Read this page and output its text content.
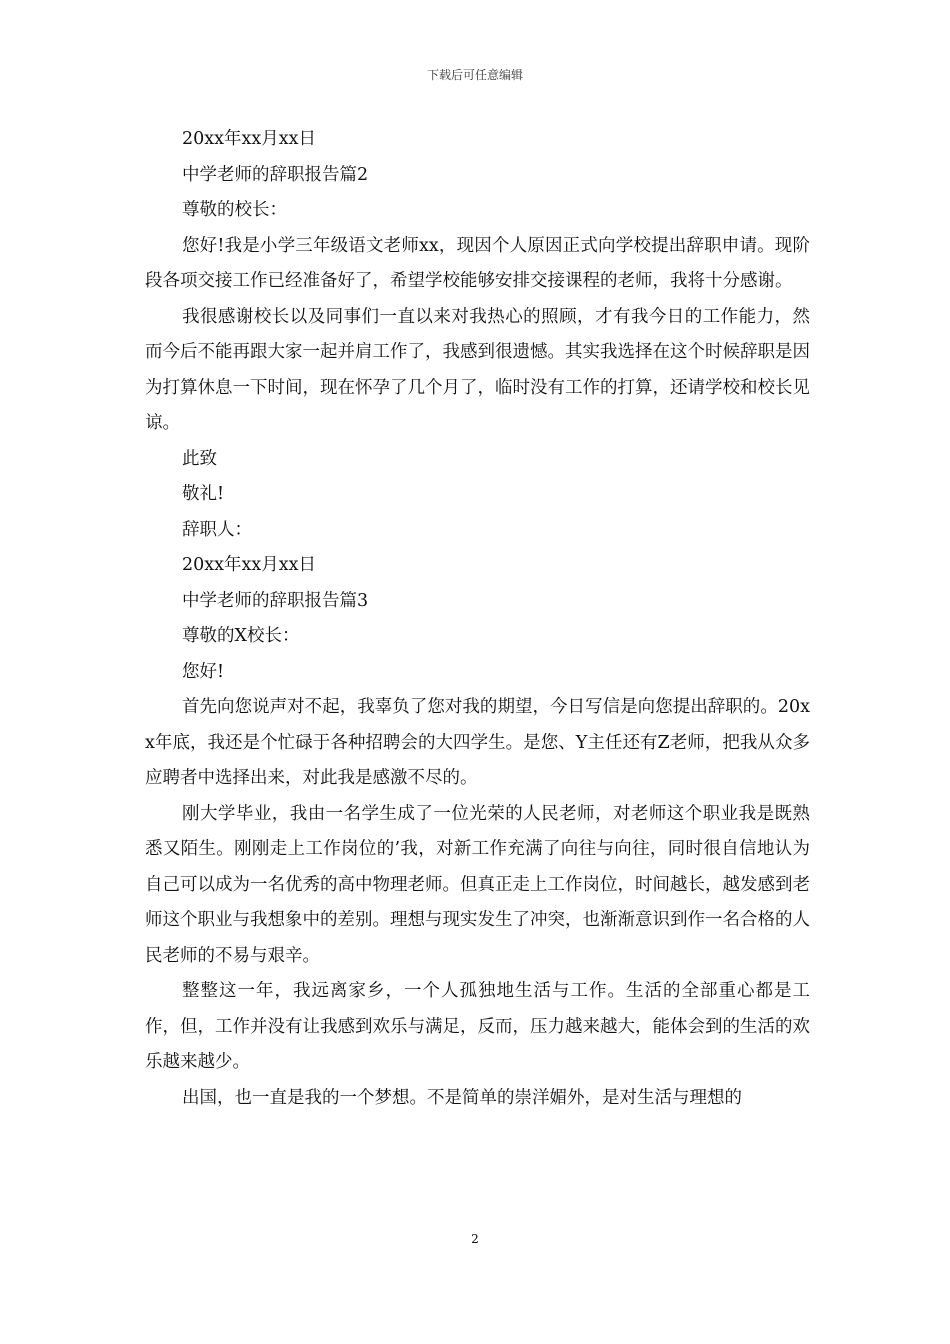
下载后可任意编辑

20xx年xx月xx日

中学老师的辞职报告篇2

尊敬的校长：

您好!我是小学三年级语文老师xx，现因个人原因正式向学校提出辞职申请。现阶段各项交接工作已经准备好了，希望学校能够安排交接课程的老师，我将十分感谢。

我很感谢校长以及同事们一直以来对我热心的照顾，才有我今日的工作能力，然而今后不能再跟大家一起并肩工作了，我感到很遗憾。其实我选择在这个时候辞职是因为打算休息一下时间，现在怀孕了几个月了，临时没有工作的打算，还请学校和校长见谅。

此致

敬礼!

辞职人：

20xx年xx月xx日

中学老师的辞职报告篇3

尊敬的X校长：

您好!

首先向您说声对不起，我辜负了您对我的期望，今日写信是向您提出辞职的。20xx年底，我还是个忙碌于各种招聘会的大四学生。是您、Y主任还有Z老师，把我从众多应聘者中选择出来，对此我是感激不尽的。

刚大学毕业，我由一名学生成了一位光荣的人民老师，对老师这个职业我是既熟悉又陌生。刚刚走上工作岗位的’我，对新工作充满了向往与向往，同时很自信地认为自己可以成为一名优秀的高中物理老师。但真正走上工作岗位，时间越长，越发感到老师这个职业与我想象中的差别。理想与现实发生了冲突，也渐渐意识到作一名合格的人民老师的不易与艰辛。

整整这一年，我远离家乡，一个人孤独地生活与工作。生活的全部重心都是工作，但，工作并没有让我感到欢乐与满足，反而，压力越来越大，能体会到的生活的欢乐越来越少。

出国，也一直是我的一个梦想。不是简单的崇洋媚外，是对生活与理想的

2
